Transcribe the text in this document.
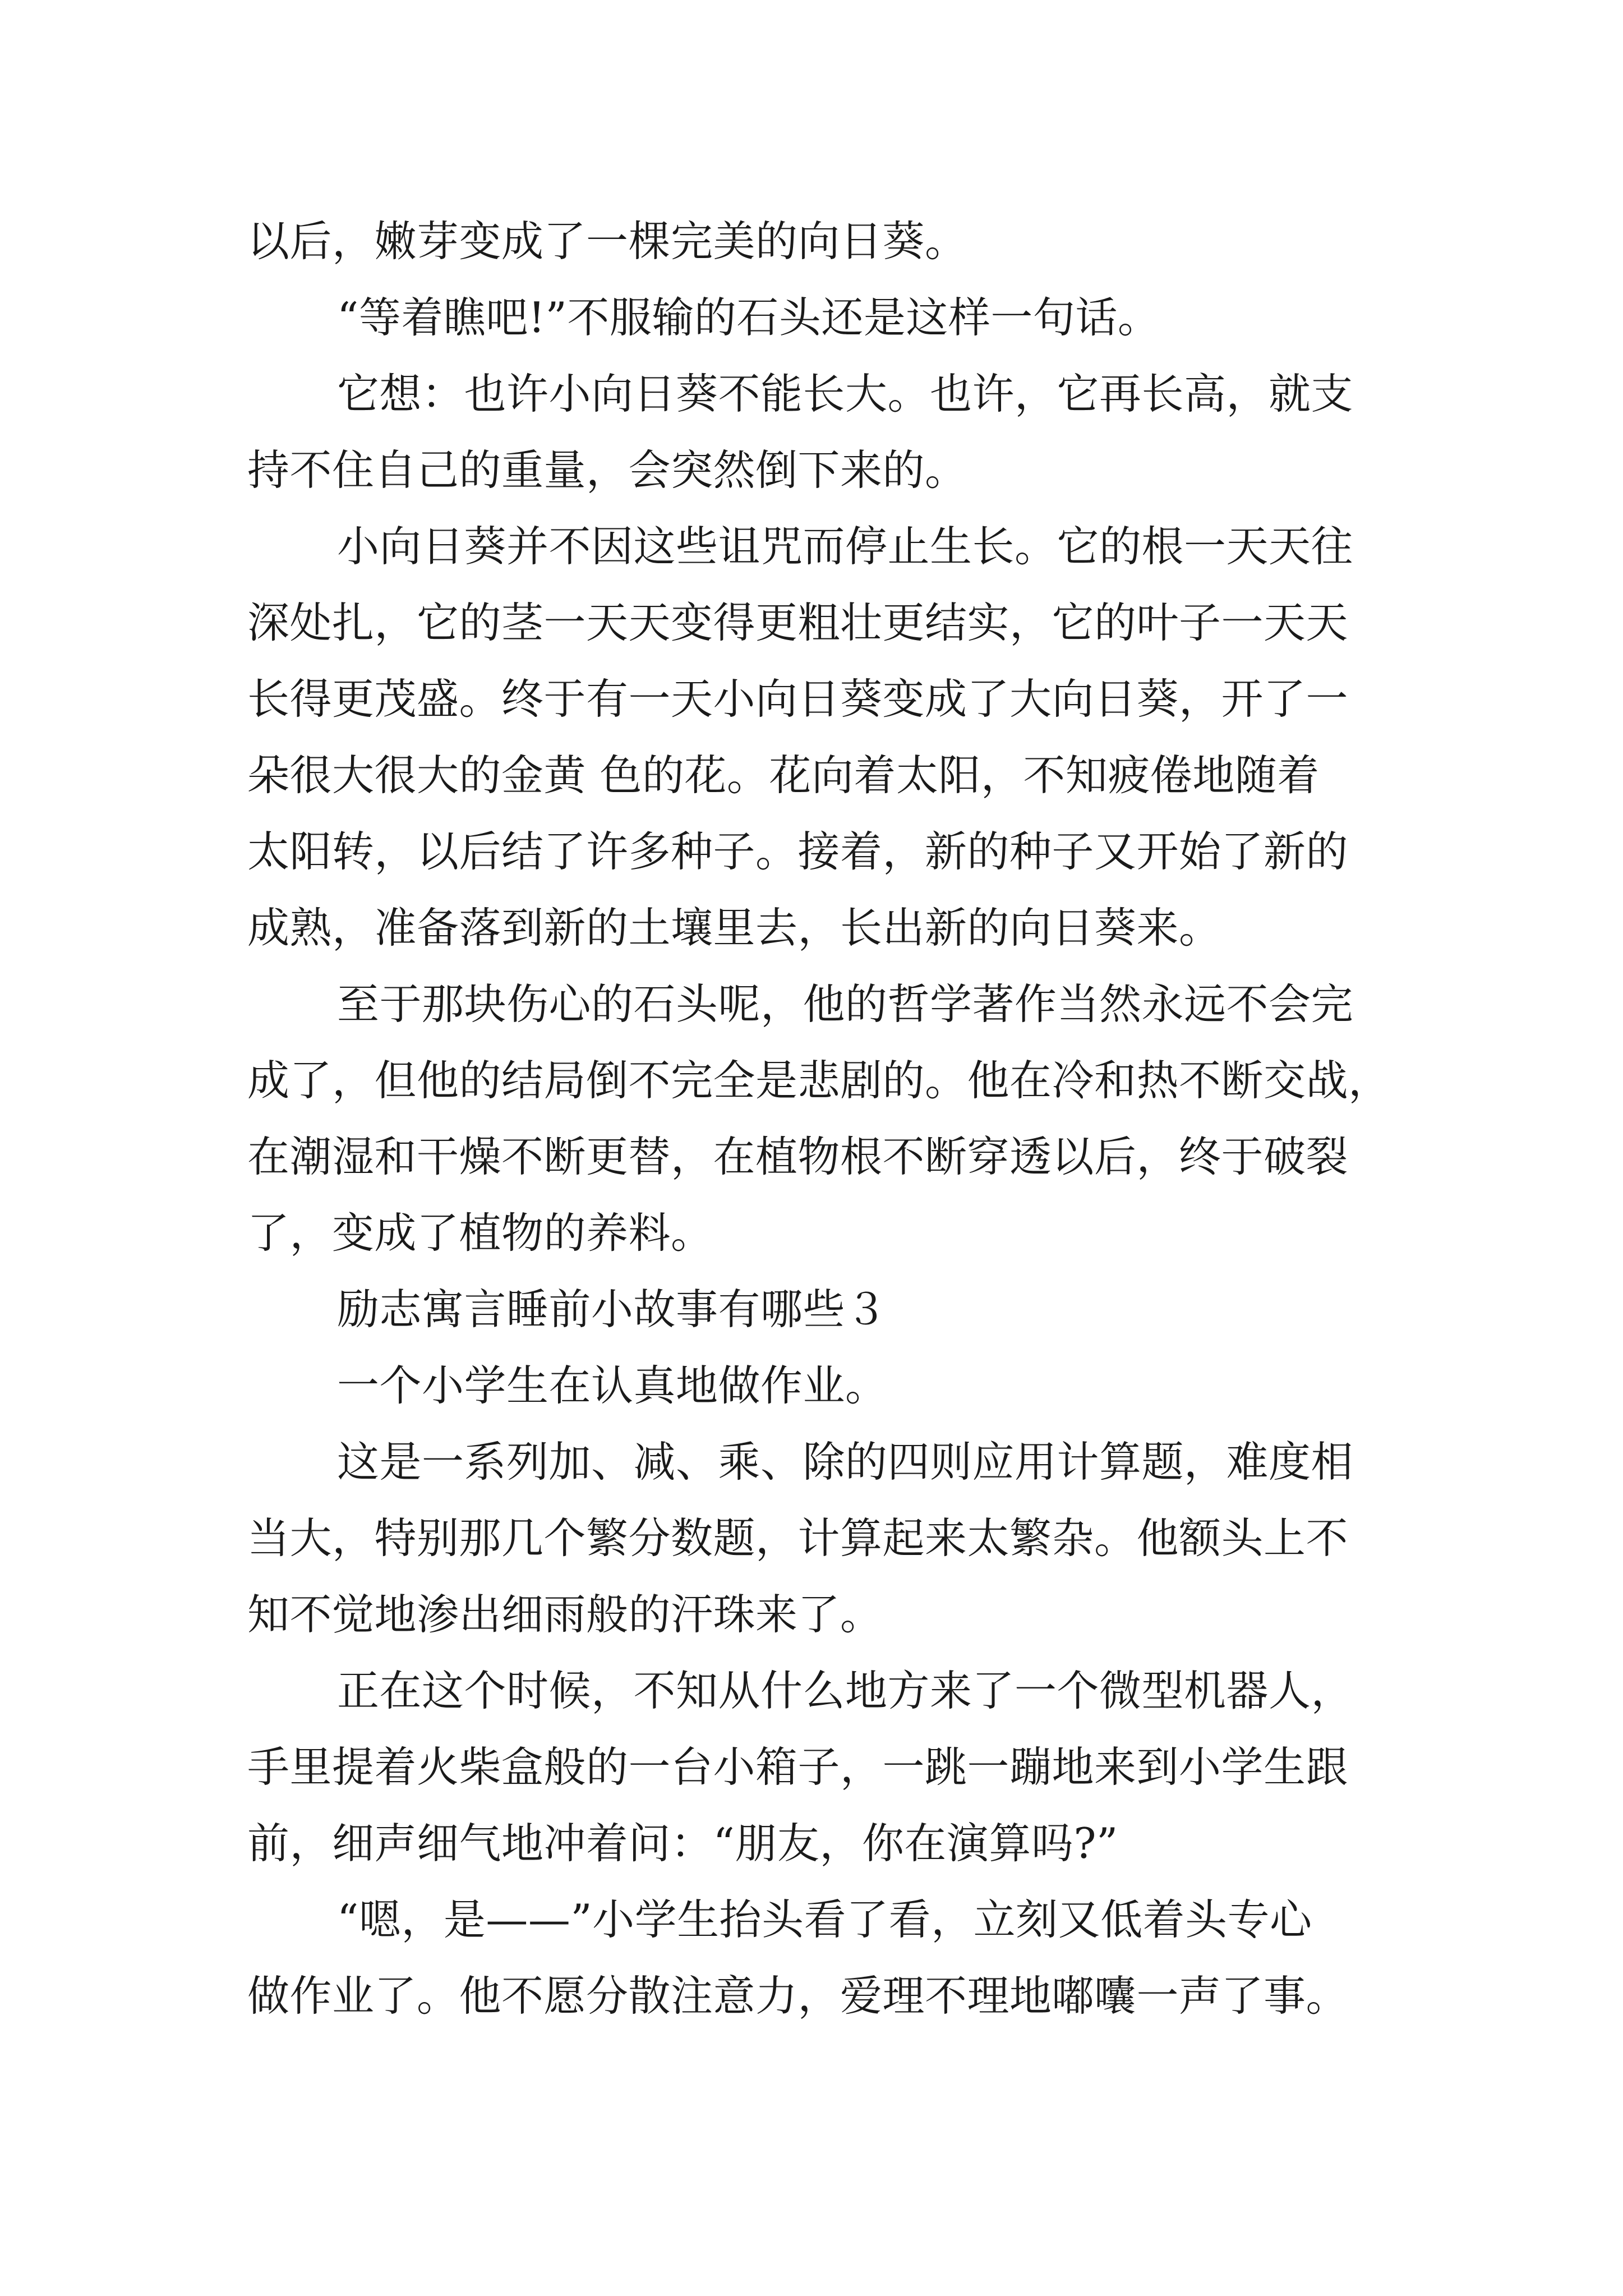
以后，嫩芽变成了一棵完美的向日葵。

“等着瞧吧!”不服输的石头还是这样一句话。

它想：也许小向日葵不能长大。也许，它再长高，就支
持不住自己的重量，会突然倒下来的。

小向日葵并不因这些诅咒而停止生长。它的根一天天往
深处扎，它的茎一天天变得更粗壮更结实，它的叶子一天天
长得更茂盛。终于有一天小向日葵变成了大向日葵，开了一
朵很大很大的金黄 色的花。花向着太阳，不知疲倦地随着
太阳转，以后结了许多种子。接着，新的种子又开始了新的
成熟，准备落到新的土壤里去，长出新的向日葵来。

至于那块伤心的石头呢，他的哲学著作当然永远不会完
成了，但他的结局倒不完全是悲剧的。他在冷和热不断交战，
在潮湿和干燥不断更替，在植物根不断穿透以后，终于破裂
了，变成了植物的养料。

励志寓言睡前小故事有哪些３

一个小学生在认真地做作业。

这是一系列加、减、乘、除的四则应用计算题，难度相
当大，特别那几个繁分数题，计算起来太繁杂。他额头上不
知不觉地渗出细雨般的汗珠来了。

正在这个时候，不知从什么地方来了一个微型机器人，
手里提着火柴盒般的一台小箱子，一跳一蹦地来到小学生跟
前，细声细气地冲着问：“朋友，你在演算吗?”

“嗯，是——”小学生抬头看了看，立刻又低着头专心
做作业了。他不愿分散注意力，爱理不理地嘟囔一声了事。
